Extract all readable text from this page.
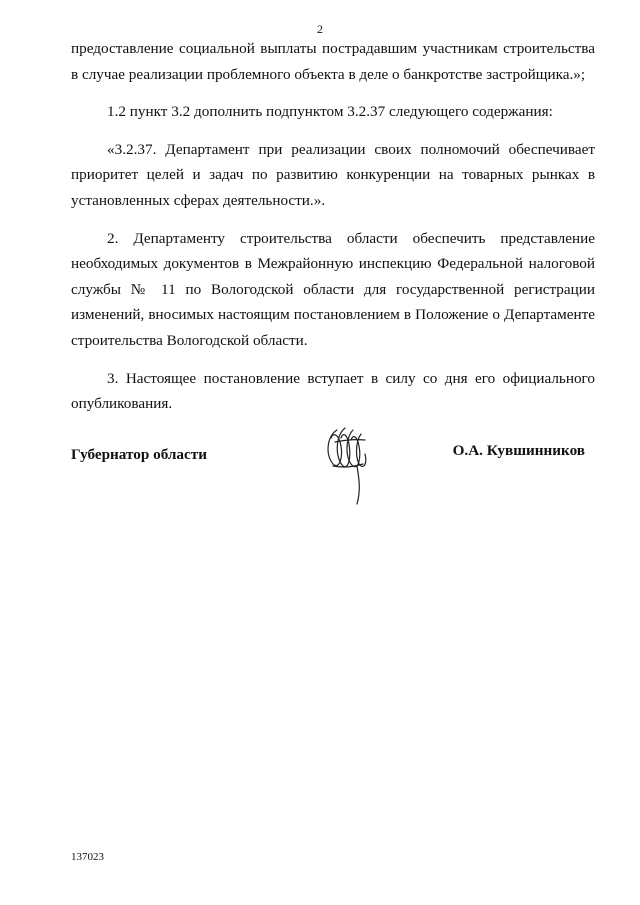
2

предоставление социальной выплаты пострадавшим участникам строительства в случае реализации проблемного объекта в деле о банкротстве застройщика.»;

1.2 пункт 3.2 дополнить подпунктом 3.2.37 следующего содержания:

«3.2.37. Департамент при реализации своих полномочий обеспечивает приоритет целей и задач по развитию конкуренции на товарных рынках в установленных сферах деятельности.».

2. Департаменту строительства области обеспечить представление необходимых документов в Межрайонную инспекцию Федеральной налоговой службы № 11 по Вологодской области для государственной регистрации изменений, вносимых настоящим постановлением в Положение о Департаменте строительства Вологодской области.

3. Настоящее постановление вступает в силу со дня его официального опубликования.

Губернатор области	О.А. Кувшинников
137023
